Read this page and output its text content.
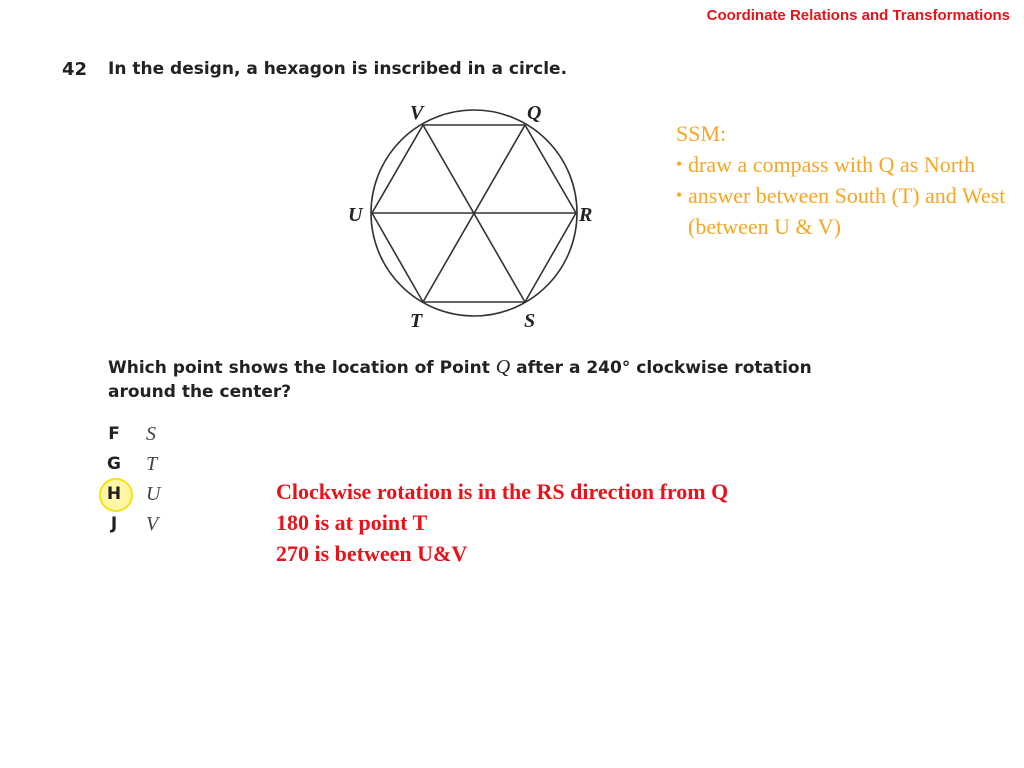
Coordinate Relations and Transformations
42 In the design, a hexagon is inscribed in a circle.
V	Q
R
S
T
U
SSM:
• draw a compass with Q as North
• answer between South (T) and West (between U & V)
Which point shows the location of Point Q after a 240° clockwise rotation around the center?
F	S
G	T
H	U
J	V
Clockwise rotation is in the RS direction from Q
180 is at point T
270 is between U&V
